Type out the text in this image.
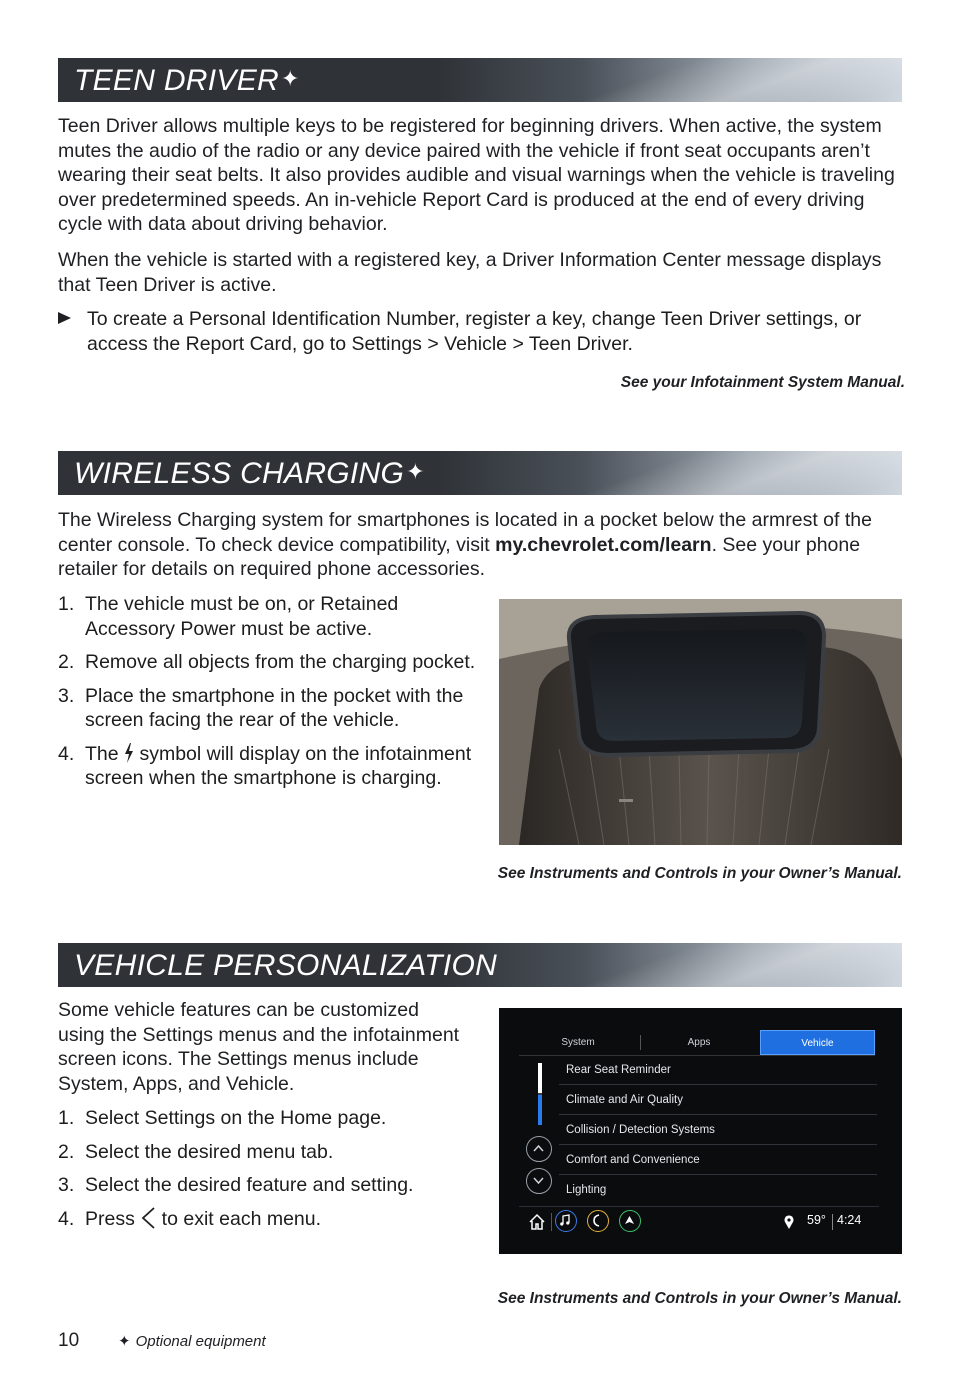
TEEN DRIVER✦
Teen Driver allows multiple keys to be registered for beginning drivers. When active, the system mutes the audio of the radio or any device paired with the vehicle if front seat occupants aren’t wearing their seat belts. It also provides audible and visual warnings when the vehicle is traveling over predetermined speeds. An in-vehicle Report Card is produced at the end of every driving cycle with data about driving behavior.
When the vehicle is started with a registered key, a Driver Information Center message displays that Teen Driver is active.
To create a Personal Identification Number, register a key, change Teen Driver settings, or access the Report Card, go to Settings > Vehicle > Teen Driver.
See your Infotainment System Manual.
WIRELESS CHARGING✦
The Wireless Charging system for smartphones is located in a pocket below the armrest of the center console. To check device compatibility, visit my.chevrolet.com/learn. See your phone retailer for details on required phone accessories.
1. The vehicle must be on, or Retained Accessory Power must be active.
2. Remove all objects from the charging pocket.
3. Place the smartphone in the pocket with the screen facing the rear of the vehicle.
4. The  symbol will display on the infotainment screen when the smartphone is charging.
See Instruments and Controls in your Owner’s Manual.
VEHICLE PERSONALIZATION
Some vehicle features can be customized using the Settings menus and the infotainment screen icons. The Settings menus include System, Apps, and Vehicle.
1. Select Settings on the Home page.
2. Select the desired menu tab.
3. Select the desired feature and setting.
4. Press  to exit each menu.
System	Apps	Vehicle
Rear Seat Reminder
Climate and Air Quality
Collision / Detection Systems
Comfort and Convenience
Lighting
59° 4:24
See Instruments and Controls in your Owner’s Manual.
10	✦ Optional equipment
